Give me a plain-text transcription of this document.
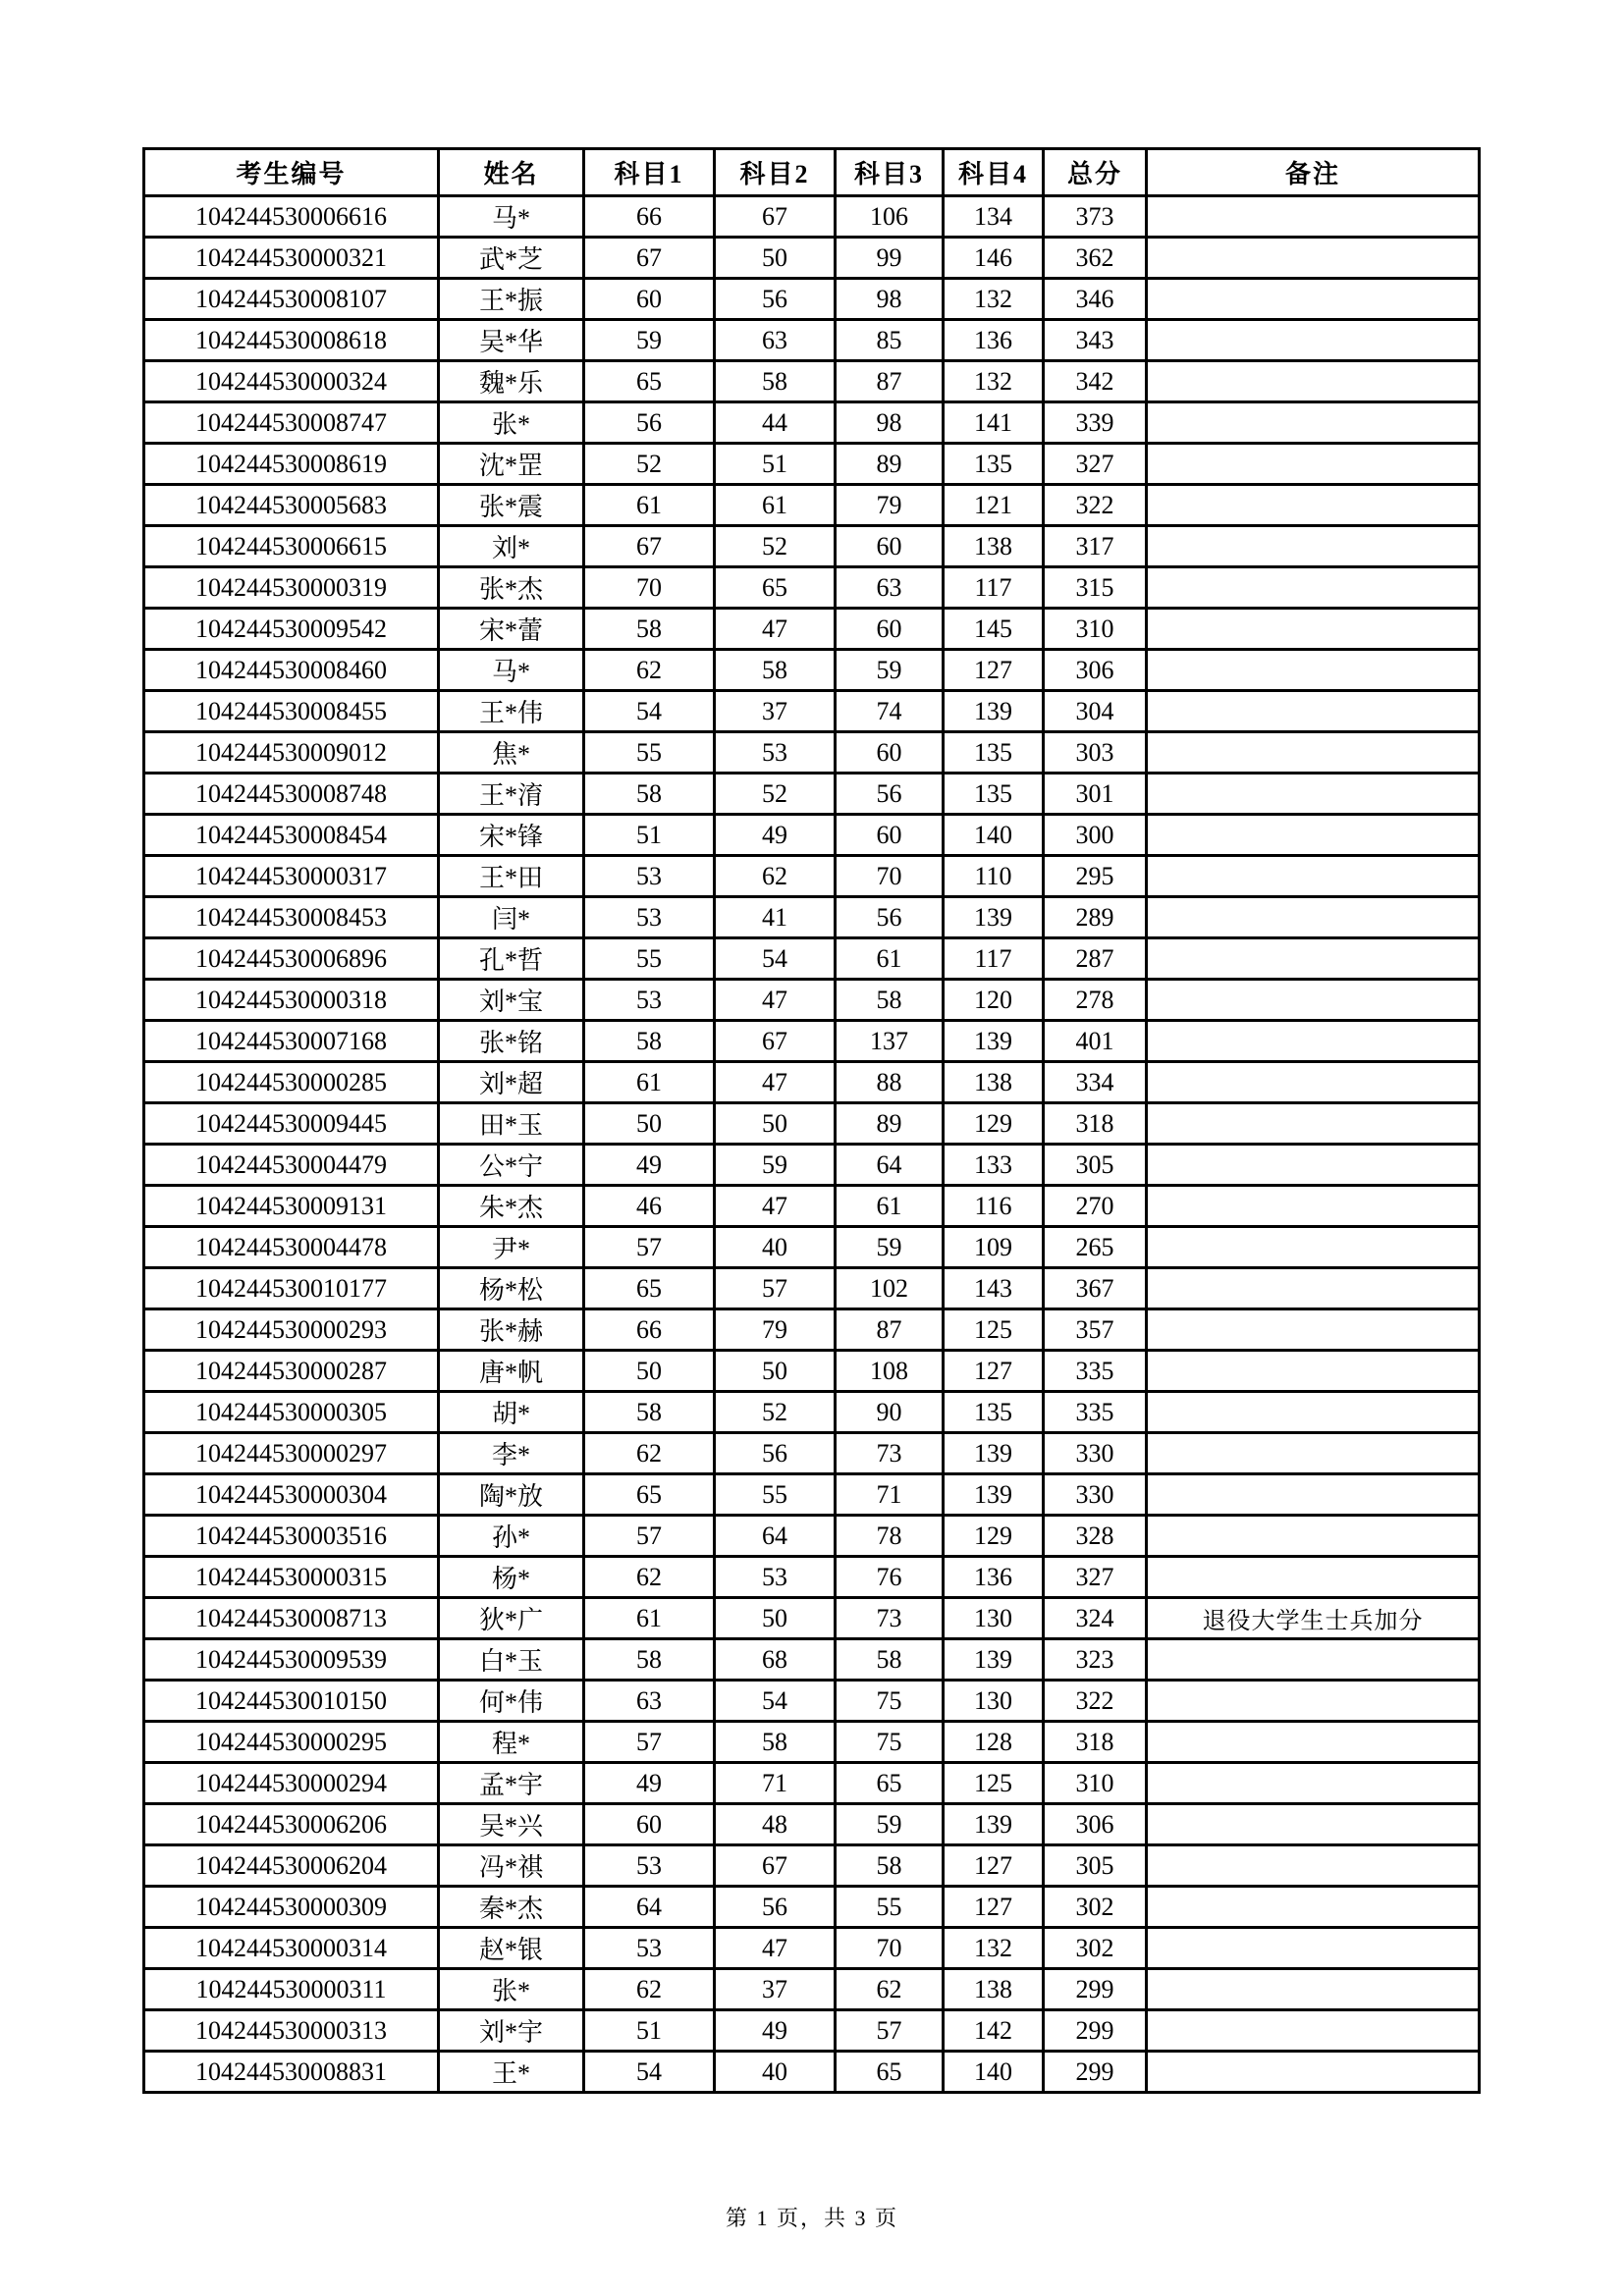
考生编号	姓名	科目1	科目2	科目3	科目4	总分	备注
104244530006616	马*	66	67	106	134	373	
104244530000321	武*芝	67	50	99	146	362	
104244530008107	王*振	60	56	98	132	346	
104244530008618	吴*华	59	63	85	136	343	
104244530000324	魏*乐	65	58	87	132	342	
104244530008747	张*	56	44	98	141	339	
104244530008619	沈*罡	52	51	89	135	327	
104244530005683	张*震	61	61	79	121	322	
104244530006615	刘*	67	52	60	138	317	
104244530000319	张*杰	70	65	63	117	315	
104244530009542	宋*蕾	58	47	60	145	310	
104244530008460	马*	62	58	59	127	306	
104244530008455	王*伟	54	37	74	139	304	
104244530009012	焦*	55	53	60	135	303	
104244530008748	王*淯	58	52	56	135	301	
104244530008454	宋*锋	51	49	60	140	300	
104244530000317	王*田	53	62	70	110	295	
104244530008453	闫*	53	41	56	139	289	
104244530006896	孔*哲	55	54	61	117	287	
104244530000318	刘*宝	53	47	58	120	278	
104244530007168	张*铭	58	67	137	139	401	
104244530000285	刘*超	61	47	88	138	334	
104244530009445	田*玉	50	50	89	129	318	
104244530004479	公*宁	49	59	64	133	305	
104244530009131	朱*杰	46	47	61	116	270	
104244530004478	尹*	57	40	59	109	265	
104244530010177	杨*松	65	57	102	143	367	
104244530000293	张*赫	66	79	87	125	357	
104244530000287	唐*帆	50	50	108	127	335	
104244530000305	胡*	58	52	90	135	335	
104244530000297	李*	62	56	73	139	330	
104244530000304	陶*放	65	55	71	139	330	
104244530003516	孙*	57	64	78	129	328	
104244530000315	杨*	62	53	76	136	327	
104244530008713	狄*广	61	50	73	130	324	退役大学生士兵加分
104244530009539	白*玉	58	68	58	139	323	
104244530010150	何*伟	63	54	75	130	322	
104244530000295	程*	57	58	75	128	318	
104244530000294	孟*宇	49	71	65	125	310	
104244530006206	吴*兴	60	48	59	139	306	
104244530006204	冯*祺	53	67	58	127	305	
104244530000309	秦*杰	64	56	55	127	302	
104244530000314	赵*银	53	47	70	132	302	
104244530000311	张*	62	37	62	138	299	
104244530000313	刘*宇	51	49	57	142	299	
104244530008831	王*	54	40	65	140	299	
第 1 页，共 3 页
